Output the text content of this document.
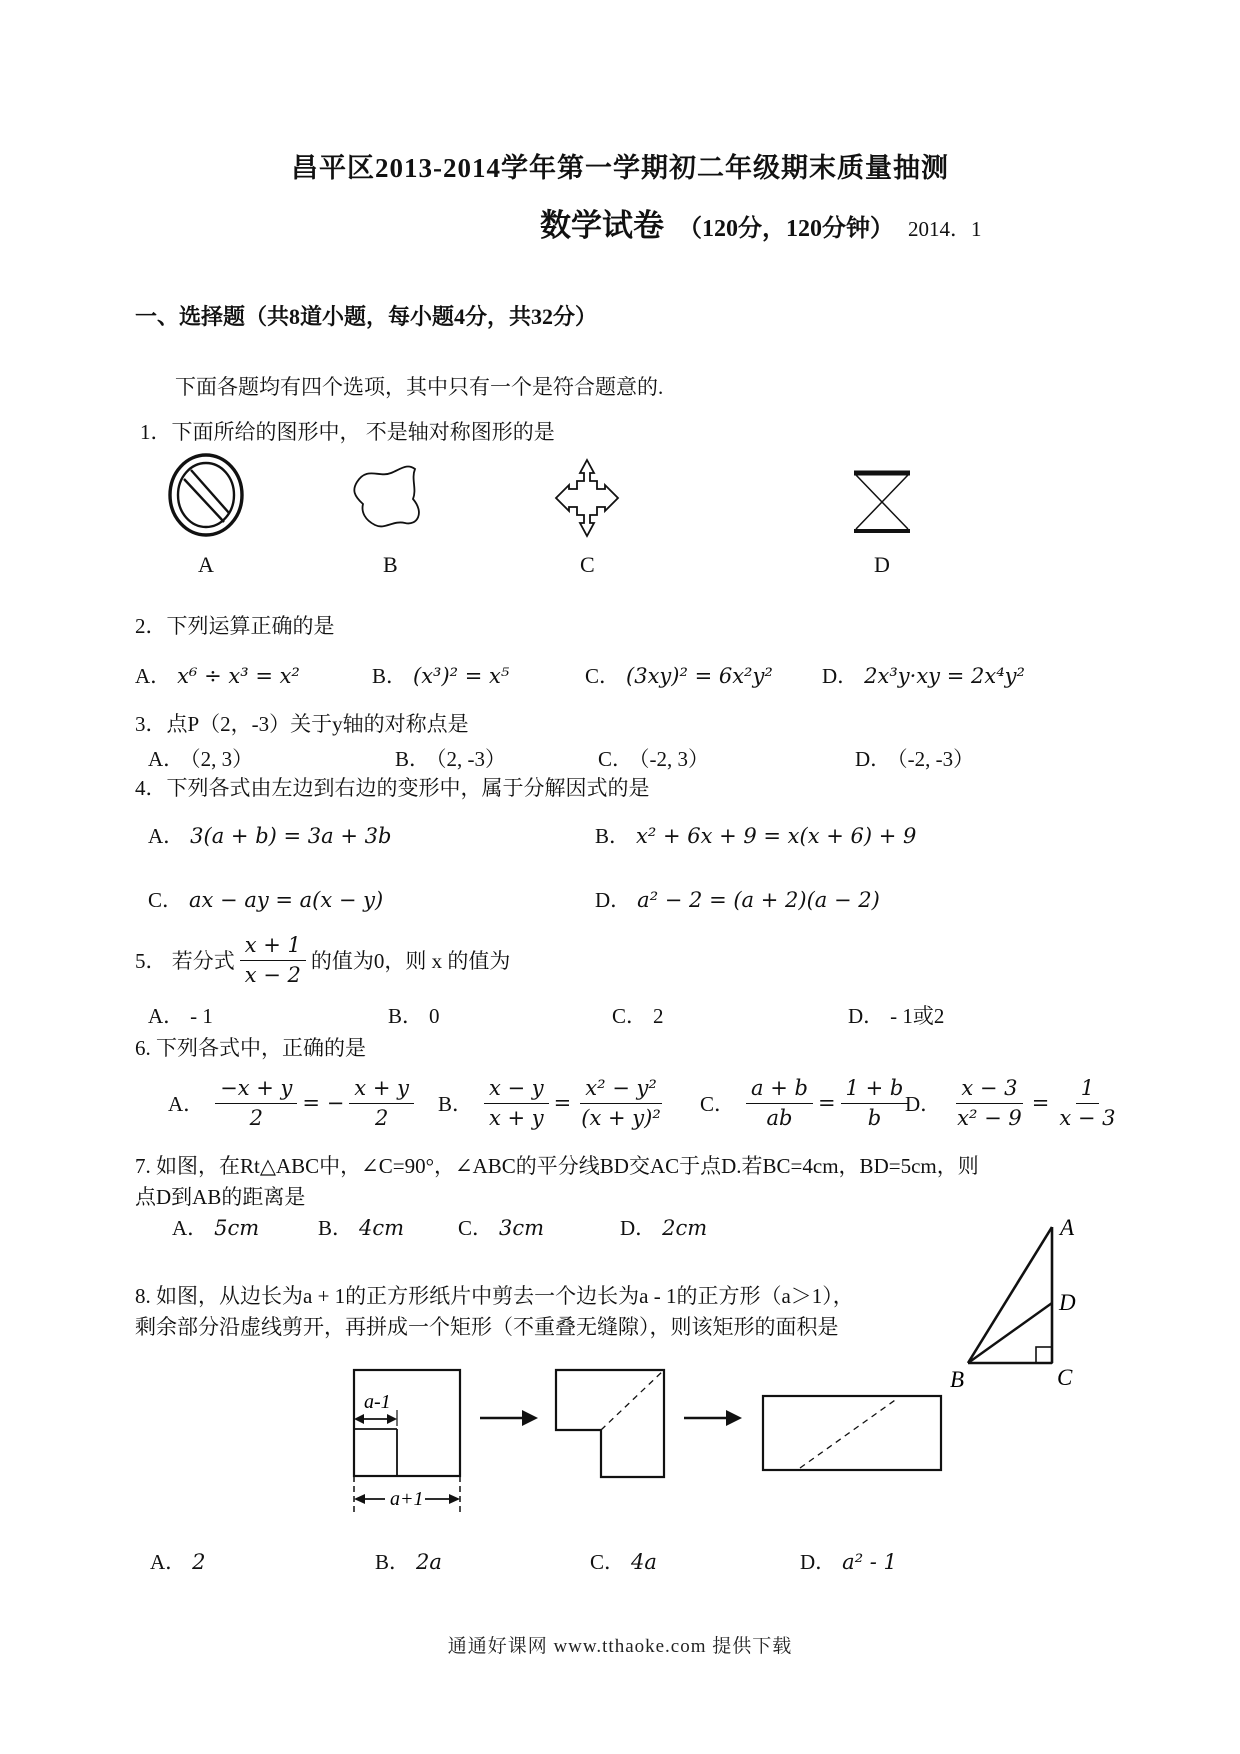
昌平区2013-2014学年第一学期初二年级期末质量抽测
数学试卷 （120分，120分钟） 2014．1
一、选择题（共8道小题，每小题4分，共32分）
下面各题均有四个选项，其中只有一个是符合题意的.
1．下面所给的图形中， 不是轴对称图形的是
A	B	C	D
2．下列运算正确的是
A． x⁶ ÷ x³ = x²	B． (x³)² = x⁵	C． (3xy)² = 6x²y² D． 2x³y·xy = 2x⁴y²
3．点P（2，-3）关于y轴的对称点是
A． （2, 3）	B． （2, -3）	C． （-2, 3）	D． （-2, -3）
4．下列各式由左边到右边的变形中，属于分解因式的是
A． 3(a + b) = 3a + 3b	B． x² + 6x + 9 = x(x + 6) + 9
C． ax − ay = a(x − y)	D． a² − 2 = (a + 2)(a − 2)
5． 若分式 $\frac{x + 1}{x - 2}$ 的值为0，则 x 的值为
A． - 1	B． 0	C． 2	D． - 1或2
6. 下列各式中，正确的是
A． $\frac{-x + y}{2}$ = − $\frac{x + y}{2}$ B． $\frac{x - y}{x + y} = \frac{\text{x² − y²}}{\text{(x + y)²}}$ C． $\frac{a + b}{ab} = \frac{1 + b}{b}$
D． $\frac{x - 3}{\text{x² − 9}} = \frac{1}{x - 3}$
7. 如图，在Rt△ABC中，∠C=90°，∠ABC的平分线BD交AC于点D.若BC=4cm，BD=5cm，则
点D到AB的距离是
A． 5cm	B． 4cm	C． 3cm	D． 2cm	A
D
B	C
8. 如图，从边长为a + 1的正方形纸片中剪去一个边长为a - 1的正方形（a＞1），
剩余部分沿虚线剪开，再拼成一个矩形（不重叠无缝隙），则该矩形的面积是
a-1
a+1
A． 2	B． 2a	C． 4a	D． a² - 1
通通好课网 www.tthaoke.com 提供下载
